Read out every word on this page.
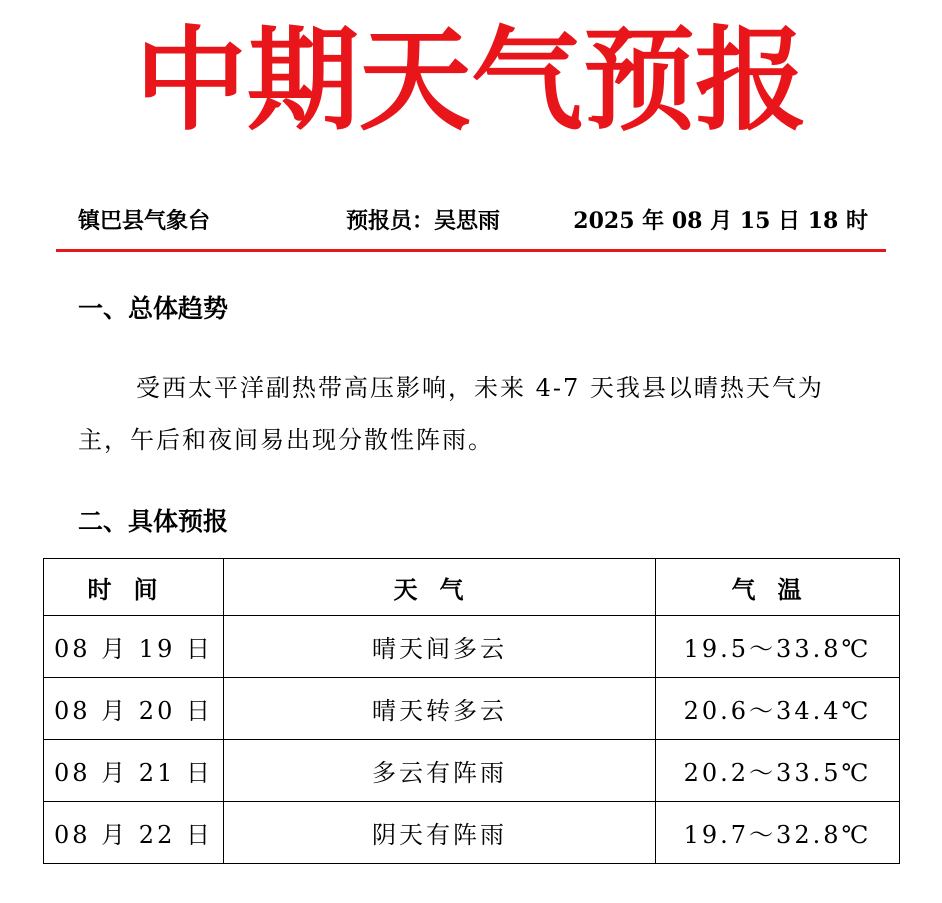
中期天气预报
镇巴县气象台	预报员：吴思雨	2025 年 08 月 15 日 18 时
一、总体趋势
受西太平洋副热带高压影响，未来 4-7 天我县以晴热天气为主，午后和夜间易出现分散性阵雨。
二、具体预报
时间	天气	气温
08 月 19 日	晴天间多云	19.5～33.8℃
08 月 20 日	晴天转多云	20.6～34.4℃
08 月 21 日	多云有阵雨	20.2～33.5℃
08 月 22 日	阴天有阵雨	19.7～32.8℃
